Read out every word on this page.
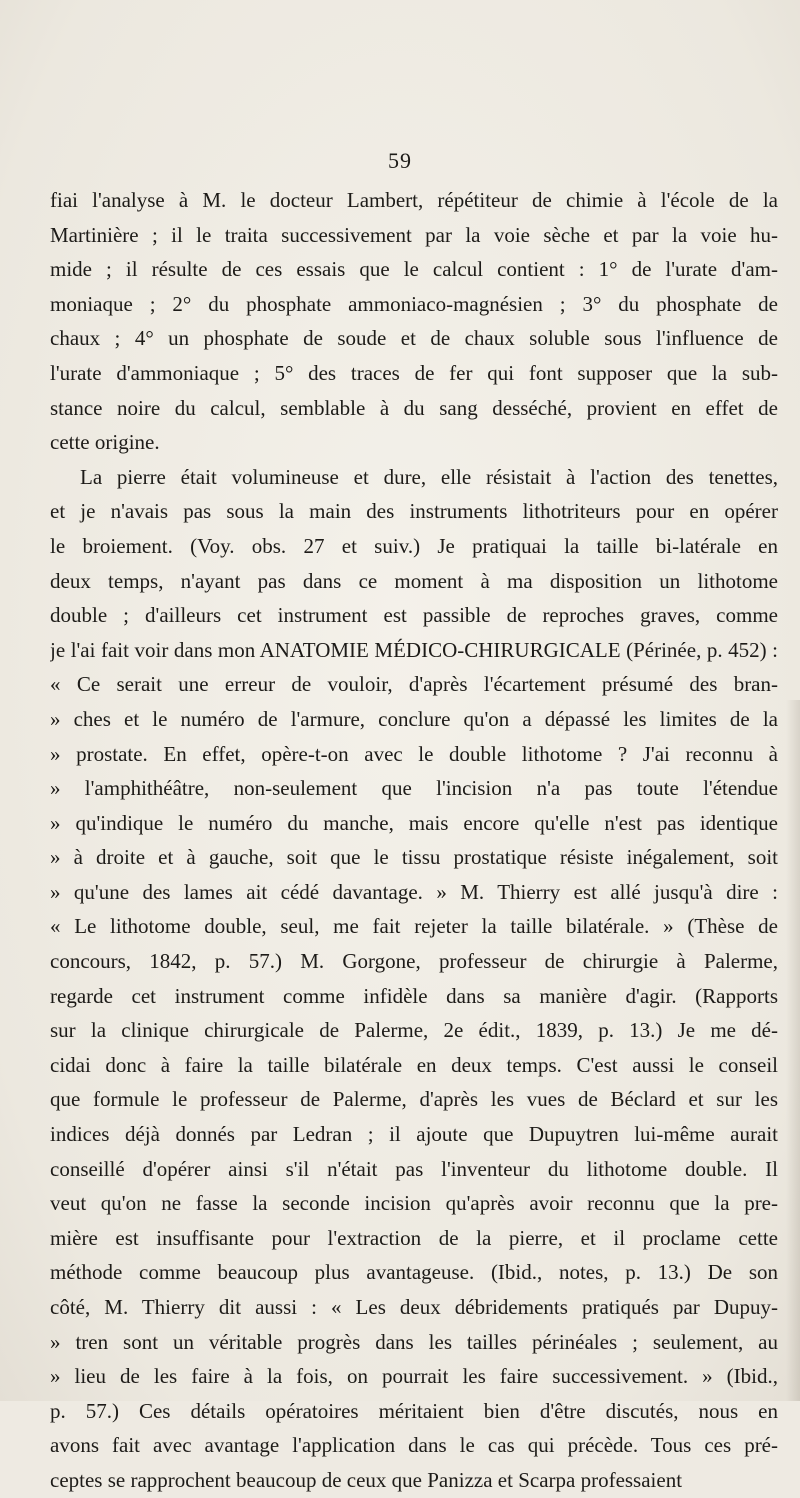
59
fiai l'analyse à M. le docteur Lambert, répétiteur de chimie à l'école de la
Martinière ; il le traita successivement par la voie sèche et par la voie hu-
mide ; il résulte de ces essais que le calcul contient : 1° de l'urate d'am-
moniaque ; 2° du phosphate ammoniaco-magnésien ; 3° du phosphate de
chaux ; 4° un phosphate de soude et de chaux soluble sous l'influence de
l'urate d'ammoniaque ; 5° des traces de fer qui font supposer que la sub-
stance noire du calcul, semblable à du sang desséché, provient en effet de
cette origine.
La pierre était volumineuse et dure, elle résistait à l'action des tenettes,
et je n'avais pas sous la main des instruments lithotriteurs pour en opérer
le broiement. (Voy. obs. 27 et suiv.) Je pratiquai la taille bi-latérale en
deux temps, n'ayant pas dans ce moment à ma disposition un lithotome
double ; d'ailleurs cet instrument est passible de reproches graves, comme
je l'ai fait voir dans mon ANATOMIE MÉDICO-CHIRURGICALE (Périnée, p. 452) :
« Ce serait une erreur de vouloir, d'après l'écartement présumé des bran-
» ches et le numéro de l'armure, conclure qu'on a dépassé les limites de la
» prostate. En effet, opère-t-on avec le double lithotome ? J'ai reconnu à
» l'amphithéâtre, non-seulement que l'incision n'a pas toute l'étendue
» qu'indique le numéro du manche, mais encore qu'elle n'est pas identique
» à droite et à gauche, soit que le tissu prostatique résiste inégalement, soit
» qu'une des lames ait cédé davantage. » M. Thierry est allé jusqu'à dire :
« Le lithotome double, seul, me fait rejeter la taille bilatérale. » (Thèse de
concours, 1842, p. 57.) M. Gorgone, professeur de chirurgie à Palerme,
regarde cet instrument comme infidèle dans sa manière d'agir. (Rapports
sur la clinique chirurgicale de Palerme, 2e édit., 1839, p. 13.) Je me dé-
cidai donc à faire la taille bilatérale en deux temps. C'est aussi le conseil
que formule le professeur de Palerme, d'après les vues de Béclard et sur les
indices déjà donnés par Ledran ; il ajoute que Dupuytren lui-même aurait
conseillé d'opérer ainsi s'il n'était pas l'inventeur du lithotome double. Il
veut qu'on ne fasse la seconde incision qu'après avoir reconnu que la pre-
mière est insuffisante pour l'extraction de la pierre, et il proclame cette
méthode comme beaucoup plus avantageuse. (Ibid., notes, p. 13.) De son
côté, M. Thierry dit aussi : « Les deux débridements pratiqués par Dupuy-
» tren sont un véritable progrès dans les tailles périnéales ; seulement, au
» lieu de les faire à la fois, on pourrait les faire successivement. » (Ibid.,
p. 57.) Ces détails opératoires méritaient bien d'être discutés, nous en
avons fait avec avantage l'application dans le cas qui précède. Tous ces pré-
ceptes se rapprochent beaucoup de ceux que Panizza et Scarpa professaient
